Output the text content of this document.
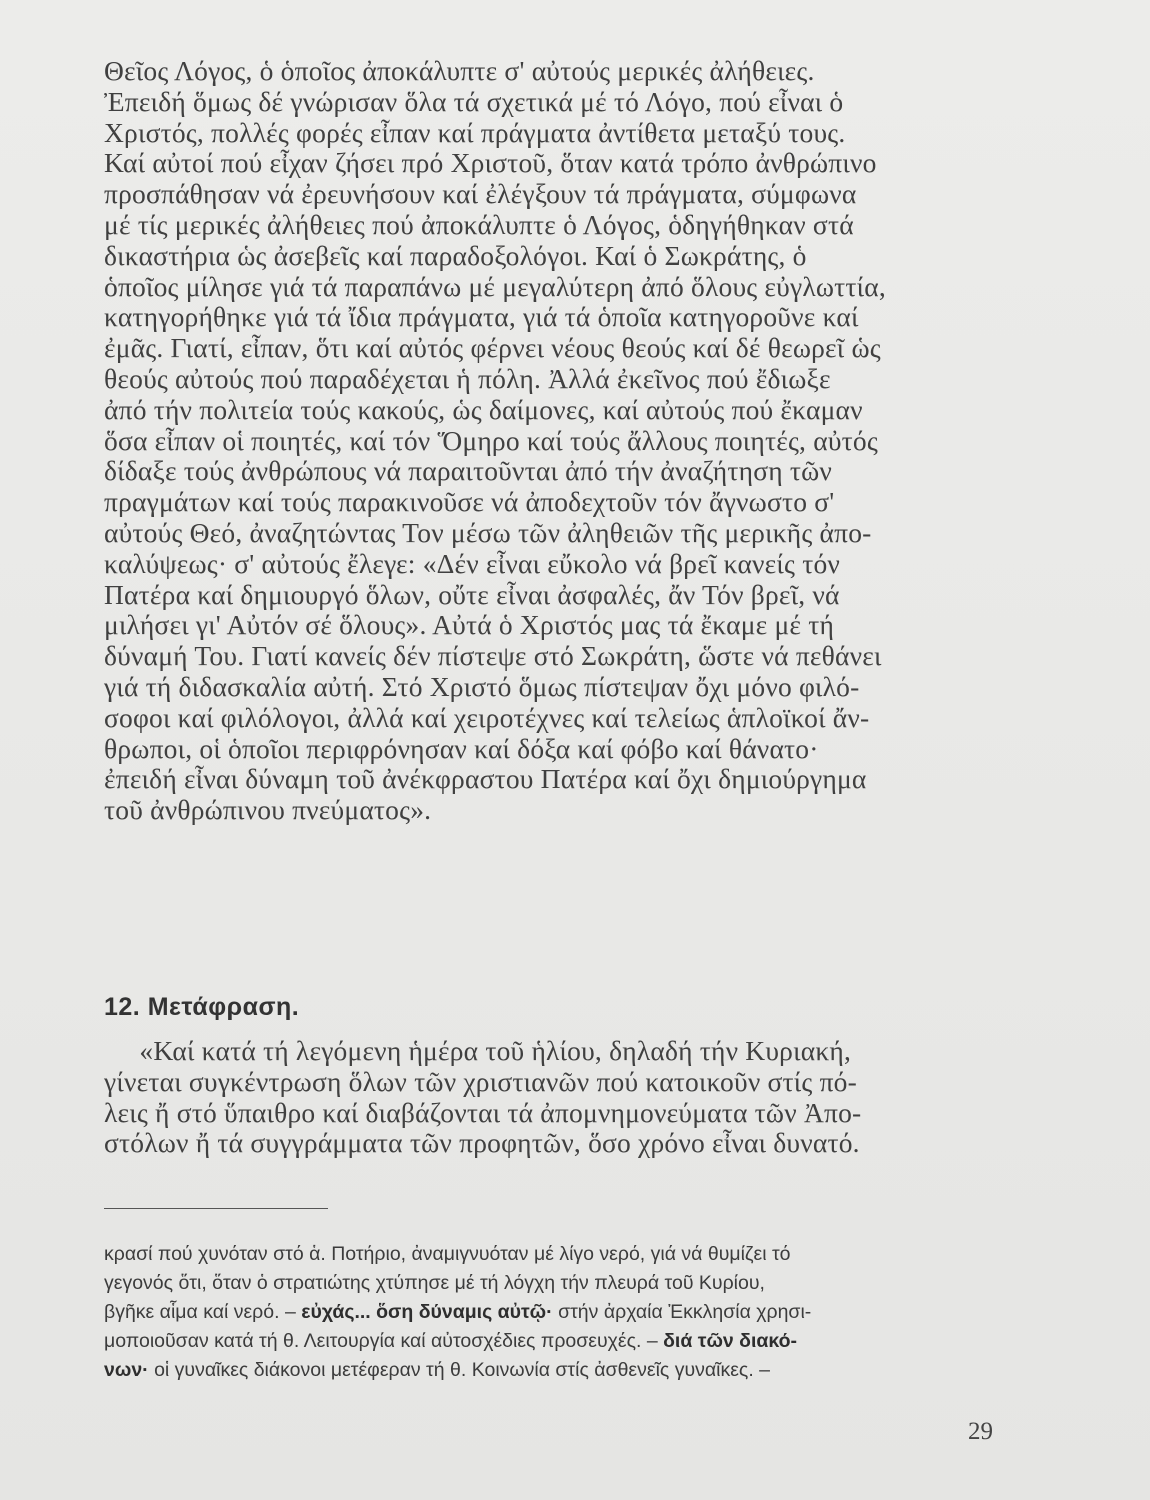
Θεῖος Λόγος, ὁ ὁποῖος ἀποκάλυπτε σ' αὐτούς μερικές ἀλήθειες.
Ἐπειδή ὅμως δέ γνώρισαν ὅλα τά σχετικά μέ τό Λόγο, πού εἶναι ὁ
Χριστός, πολλές φορές εἶπαν καί πράγματα ἀντίθετα μεταξύ τους.
Καί αὐτοί πού εἶχαν ζήσει πρό Χριστοῦ, ὅταν κατά τρόπο ἀνθρώπινο
προσπάθησαν νά ἐρευνήσουν καί ἐλέγξουν τά πράγματα, σύμφωνα
μέ τίς μερικές ἀλήθειες πού ἀποκάλυπτε ὁ Λόγος, ὁδηγήθηκαν στά
δικαστήρια ὡς ἀσεβεῖς καί παραδοξολόγοι. Καί ὁ Σωκράτης, ὁ
ὁποῖος μίλησε γιά τά παραπάνω μέ μεγαλύτερη ἀπό ὅλους εὐγλωττία,
κατηγορήθηκε γιά τά ἴδια πράγματα, γιά τά ὁποῖα κατηγοροῦνε καί
ἐμᾶς. Γιατί, εἶπαν, ὅτι καί αὐτός φέρνει νέους θεούς καί δέ θεωρεῖ ὡς
θεούς αὐτούς πού παραδέχεται ἡ πόλη. Ἀλλά ἐκεῖνος πού ἔδιωξε
ἀπό τήν πολιτεία τούς κακούς, ὡς δαίμονες, καί αὐτούς πού ἔκαμαν
ὅσα εἶπαν οἱ ποιητές, καί τόν Ὅμηρο καί τούς ἄλλους ποιητές, αὐτός
δίδαξε τούς ἀνθρώπους νά παραιτοῦνται ἀπό τήν ἀναζήτηση τῶν
πραγμάτων καί τούς παρακινοῦσε νά ἀποδεχτοῦν τόν ἄγνωστο σ'
αὐτούς Θεό, ἀναζητώντας Τον μέσω τῶν ἀληθειῶν τῆς μερικῆς ἀπο-
καλύψεως· σ' αὐτούς ἔλεγε: «Δέν εἶναι εὔκολο νά βρεῖ κανείς τόν
Πατέρα καί δημιουργό ὅλων, οὔτε εἶναι ἀσφαλές, ἄν Τόν βρεῖ, νά
μιλήσει γι' Αὐτόν σέ ὅλους». Αὐτά ὁ Χριστός μας τά ἔκαμε μέ τή
δύναμή Του. Γιατί κανείς δέν πίστεψε στό Σωκράτη, ὥστε νά πεθάνει
γιά τή διδασκαλία αὐτή. Στό Χριστό ὅμως πίστεψαν ὄχι μόνο φιλό-
σοφοι καί φιλόλογοι, ἀλλά καί χειροτέχνες καί τελείως ἁπλοϊκοί ἄν-
θρωποι, οἱ ὁποῖοι περιφρόνησαν καί δόξα καί φόβο καί θάνατο·
ἐπειδή εἶναι δύναμη τοῦ ἀνέκφραστου Πατέρα καί ὄχι δημιούργημα
τοῦ ἀνθρώπινου πνεύματος».
12. Μετάφραση.
«Καί κατά τή λεγόμενη ἡμέρα τοῦ ἡλίου, δηλαδή τήν Κυριακή,
γίνεται συγκέντρωση ὅλων τῶν χριστιανῶν πού κατοικοῦν στίς πό-
λεις ἤ στό ὕπαιθρο καί διαβάζονται τά ἀπομνημονεύματα τῶν Ἀπο-
στόλων ἤ τά συγγράμματα τῶν προφητῶν, ὅσο χρόνο εἶναι δυνατό.
κρασί πού χυνόταν στό ἁ. Ποτήριο, ἀναμιγνυόταν μέ λίγο νερό, γιά νά θυμίζει τό
γεγονός ὅτι, ὅταν ὁ στρατιώτης χτύπησε μέ τή λόγχη τήν πλευρά τοῦ Κυρίου,
βγῆκε αἷμα καί νερό. – εὐχάς... ὅση δύναμις αὐτῷ· στήν ἀρχαία Ἐκκλησία χρησι-
μοποιοῦσαν κατά τή θ. Λειτουργία καί αὐτοσχέδιες προσευχές. – διά τῶν διακό-
νων· οἱ γυναῖκες διάκονοι μετέφεραν τή θ. Κοινωνία στίς ἀσθενεῖς γυναῖκες. –
29
